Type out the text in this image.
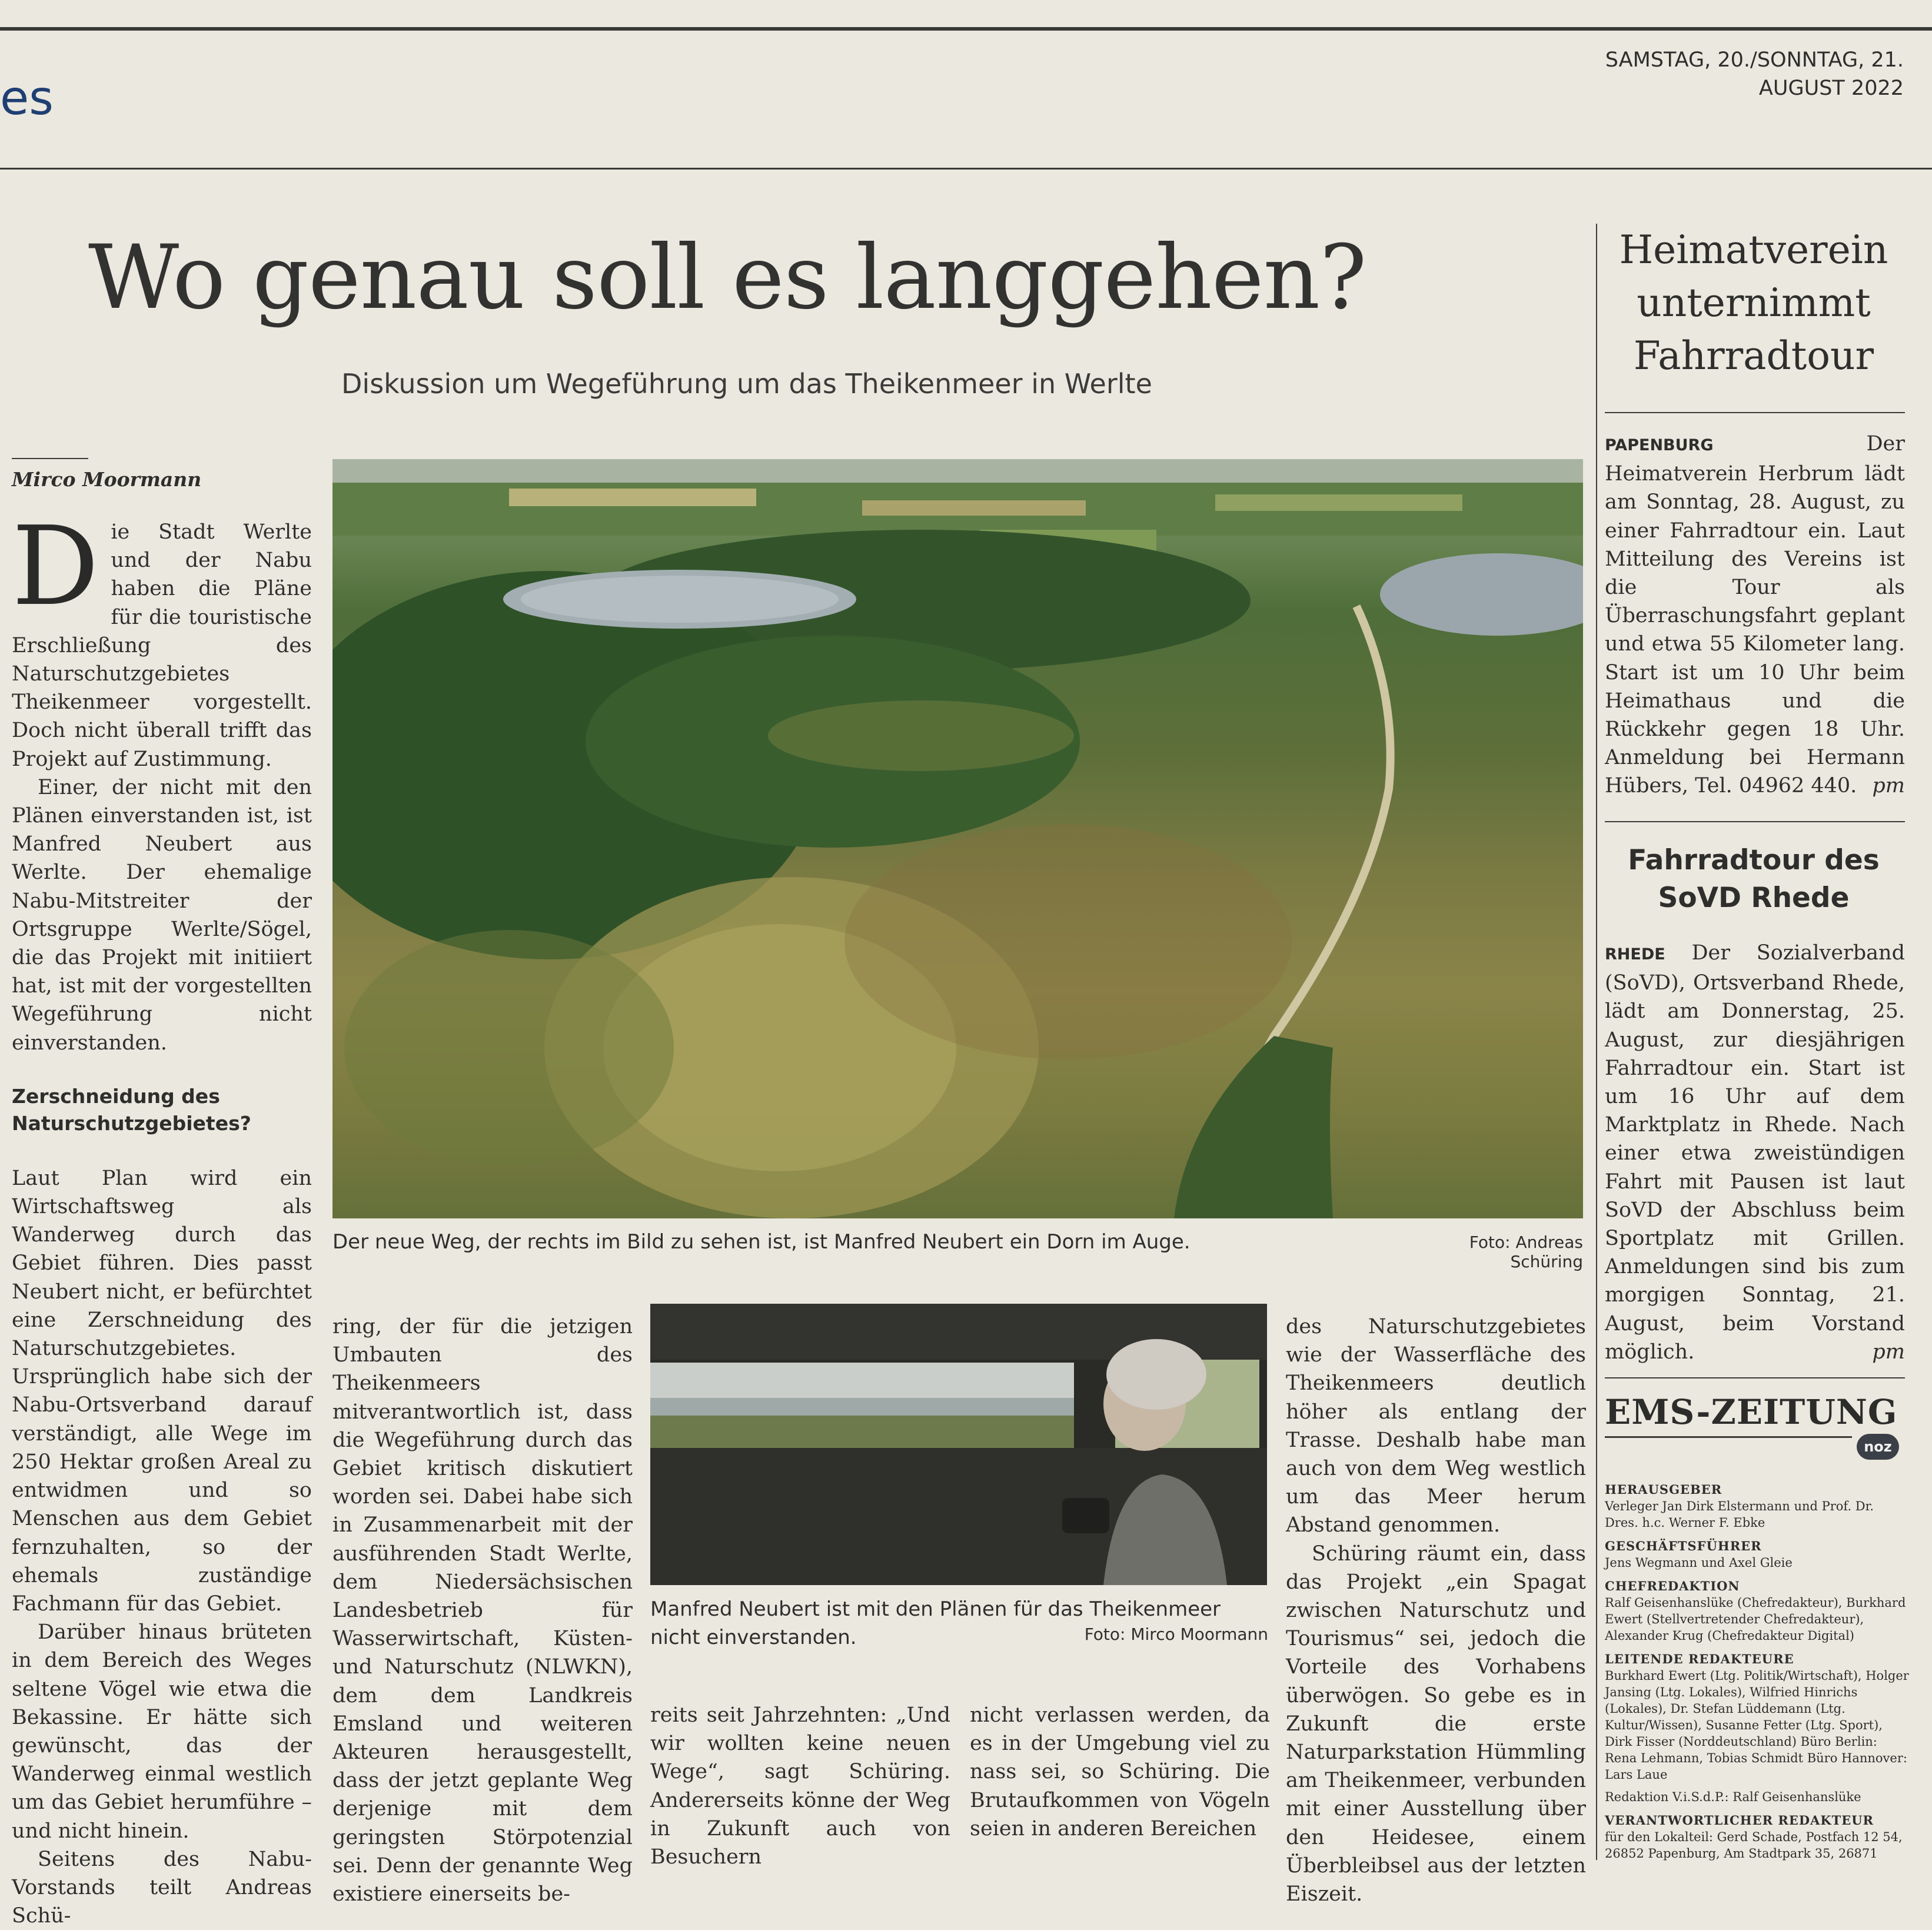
es
SAMSTAG, 20./SONNTAG, 21.
AUGUST 2022
Wo genau soll es langgehen?
Diskussion um Wegeführung um das Theikenmeer in Werlte
Mirco Moormann

Die Stadt Werlte und der Nabu haben die Pläne für die touristische Erschließung des Naturschutzgebietes Theikenmeer vorgestellt. Doch nicht überall trifft das Projekt auf Zustimmung.

Einer, der nicht mit den Plänen einverstanden ist, ist Manfred Neubert aus Werlte. Der ehemalige Nabu-Mitstreiter der Ortsgruppe Werlte/Sögel, die das Projekt mit initiiert hat, ist mit der vorgestellten Wegeführung nicht einverstanden.

Zerschneidung des Naturschutzgebietes?

Laut Plan wird ein Wirtschaftsweg als Wanderweg durch das Gebiet führen. Dies passt Neubert nicht, er befürchtet eine Zerschneidung des Naturschutzgebietes. Ursprünglich habe sich der Nabu-Ortsverband darauf verständigt, alle Wege im 250 Hektar großen Areal zu entwidmen und so Menschen aus dem Gebiet fernzuhalten, so der ehemals zuständige Fachmann für das Gebiet.

Darüber hinaus brüteten in dem Bereich des Weges seltene Vögel wie etwa die Bekassine. Er hätte sich gewünscht, das der Wanderweg einmal westlich um das Gebiet herumführe – und nicht hinein.

Seitens des Nabu-Vorstands teilt Andreas Schü-

Der neue Weg, der rechts im Bild zu sehen ist, ist Manfred Neubert ein Dorn im Auge.	Foto: Andreas Schüring
Manfred Neubert ist mit den Plänen für das Theikenmeer nicht einverstanden.	Foto: Mirco Moormann

ring, der für die jetzigen Umbauten des Theikenmeers mitverantwortlich ist, dass die Wegeführung durch das Gebiet kritisch diskutiert worden sei. Dabei habe sich in Zusammenarbeit mit der ausführenden Stadt Werlte, dem Niedersächsischen Landesbetrieb für Wasserwirtschaft, Küsten- und Naturschutz (NLWKN), dem dem Landkreis Emsland und weiteren Akteuren herausgestellt, dass der jetzt geplante Weg derjenige mit dem geringsten Störpotenzial sei. Denn der genannte Weg existiere einerseits be-

reits seit Jahrzehnten: „Und wir wollten keine neuen Wege“, sagt Schüring. Andererseits könne der Weg in Zukunft auch von Besuchern

nicht verlassen werden, da es in der Umgebung viel zu nass sei, so Schüring. Die Brutaufkommen von Vögeln seien in anderen Bereichen

des Naturschutzgebietes wie der Wasserfläche des Theikenmeers deutlich höher als entlang der Trasse. Deshalb habe man auch von dem Weg westlich um das Meer herum Abstand genommen.

Schüring räumt ein, dass das Projekt „ein Spagat zwischen Naturschutz und Tourismus“ sei, jedoch die Vorteile des Vorhabens überwögen. So gebe es in Zukunft die erste Naturparkstation Hümmling am Theikenmeer, verbunden mit einer Ausstellung über den Heidesee, einem Überbleibsel aus der letzten Eiszeit.

Heimatverein unternimmt Fahrradtour
PAPENBURG	Der Heimatverein Herbrum lädt am Sonntag, 28. August, zu einer Fahrradtour ein. Laut Mitteilung des Vereins ist die Tour als Überraschungsfahrt geplant und etwa 55 Kilometer lang. Start ist um 10 Uhr beim Heimathaus und die Rückkehr gegen 18 Uhr. Anmeldung bei Hermann Hübers, Tel. 04962 440. pm
Fahrradtour des SoVD Rhede
RHEDE Der Sozialverband (SoVD), Ortsverband Rhede, lädt am Donnerstag, 25. August, zur diesjährigen Fahrradtour ein. Start ist um 16 Uhr auf dem Marktplatz in Rhede. Nach einer etwa zweistündigen Fahrt mit Pausen ist laut SoVD der Abschluss beim Sportplatz mit Grillen. Anmeldungen sind bis zum morgigen Sonntag, 21. August, beim Vorstand möglich.	pm
EMS-ZEITUNG
noz
HERAUSGEBER
Verleger Jan Dirk Elstermann und Prof. Dr. Dres. h.c. Werner F. Ebke
GESCHÄFTSFÜHRER
Jens Wegmann und Axel Gleie
CHEFREDAKTION
Ralf Geisenhanslüke (Chefredakteur), Burkhard Ewert (Stellvertretender Chefredakteur), Alexander Krug (Chefredakteur Digital)
LEITENDE REDAKTEURE
Burkhard Ewert (Ltg. Politik/Wirtschaft), Holger Jansing (Ltg. Lokales), Wilfried Hinrichs (Lokales), Dr. Stefan Lüddemann (Ltg. Kultur/Wissen), Susanne Fetter (Ltg. Sport), Dirk Fisser (Norddeutschland) Büro Berlin: Rena Lehmann, Tobias Schmidt Büro Hannover: Lars Laue
Redaktion V.i.S.d.P.: Ralf Geisenhanslüke
VERANTWORTLICHER REDAKTEUR
für den Lokalteil: Gerd Schade, Postfach 12 54, 26852 Papenburg, Am Stadtpark 35, 26871
